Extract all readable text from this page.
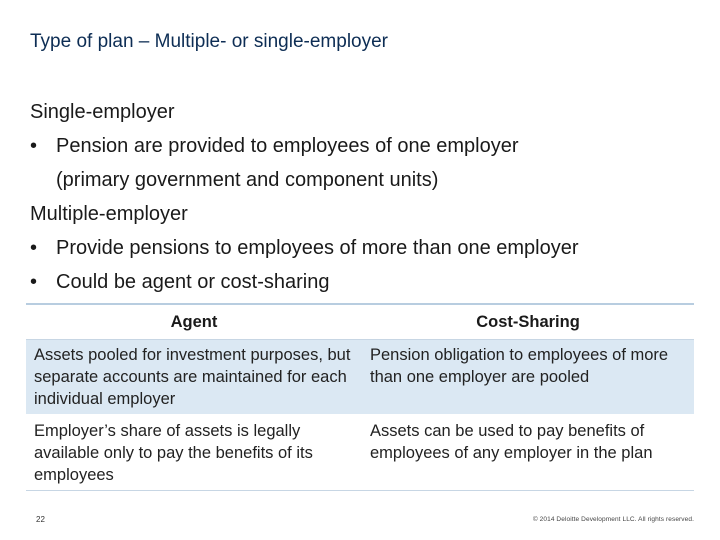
Type of plan – Multiple- or single-employer

Single-employer

• Pension are provided to employees of one employer
(primary government and component units)

Multiple-employer

• Provide pensions to employees of more than one employer

• Could be agent or cost-sharing

Agent	Cost-Sharing
Assets pooled for investment purposes, but separate accounts are maintained for each individual employer	Pension obligation to employees of more than one employer are pooled
Employer’s share of assets is legally available only to pay the benefits of its employees	Assets can be used to pay benefits of employees of any employer in the plan
22	© 2014 Deloitte Development LLC. All rights reserved.
